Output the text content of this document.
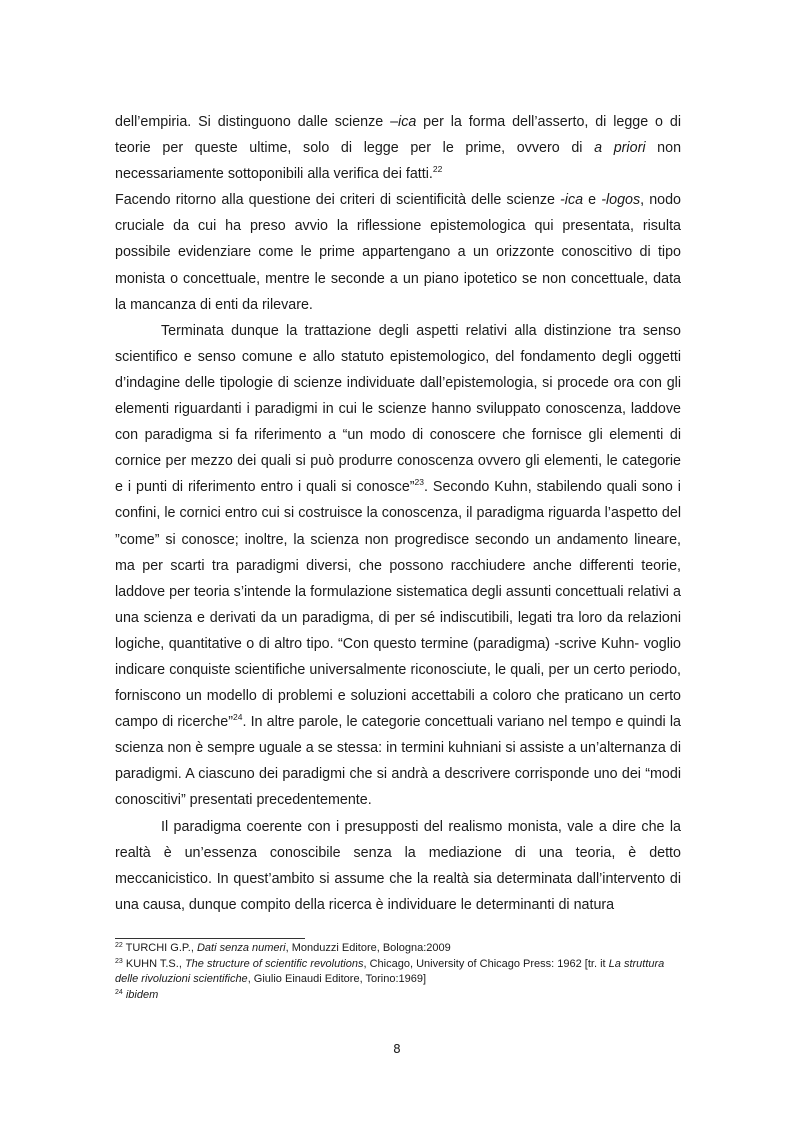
dell’empiria. Si distinguono dalle scienze –ica per la forma dell’asserto, di legge o di teorie per queste ultime, solo di legge per le prime, ovvero di a priori non necessariamente sottoponibili alla verifica dei fatti.$^{22}$

Facendo ritorno alla questione dei criteri di scientificità delle scienze -ica e -logos, nodo cruciale da cui ha preso avvio la riflessione epistemologica qui presentata, risulta possibile evidenziare come le prime appartengano a un orizzonte conoscitivo di tipo monista o concettuale, mentre le seconde a un piano ipotetico se non concettuale, data la mancanza di enti da rilevare.

Terminata dunque la trattazione degli aspetti relativi alla distinzione tra senso scientifico e senso comune e allo statuto epistemologico, del fondamento degli oggetti d’indagine delle tipologie di scienze individuate dall’epistemologia, si procede ora con gli elementi riguardanti i paradigmi in cui le scienze hanno sviluppato conoscenza, laddove con paradigma si fa riferimento a “un modo di conoscere che fornisce gli elementi di cornice per mezzo dei quali si può produrre conoscenza ovvero gli elementi, le categorie e i punti di riferimento entro i quali si conosce”$^{23}$. Secondo Kuhn, stabilendo quali sono i confini, le cornici entro cui si costruisce la conoscenza, il paradigma riguarda l’aspetto del ”come” si conosce; inoltre, la scienza non progredisce secondo un andamento lineare, ma per scarti tra paradigmi diversi, che possono racchiudere anche differenti teorie, laddove per teoria s’intende la formulazione sistematica degli assunti concettuali relativi a una scienza e derivati da un paradigma, di per sé indiscutibili, legati tra loro da relazioni logiche, quantitative o di altro tipo. “Con questo termine (paradigma) -scrive Kuhn- voglio indicare conquiste scientifiche universalmente riconosciute, le quali, per un certo periodo, forniscono un modello di problemi e soluzioni accettabili a coloro che praticano un certo campo di ricerche”$^{24}$. In altre parole, le categorie concettuali variano nel tempo e quindi la scienza non è sempre uguale a se stessa: in termini kuhniani si assiste a un’alternanza di paradigmi. A ciascuno dei paradigmi che si andrà a descrivere corrisponde uno dei “modi conoscitivi” presentati precedentemente.

Il paradigma coerente con i presupposti del realismo monista, vale a dire che la realtà è un’essenza conoscibile senza la mediazione di una teoria, è detto meccanicistico. In quest’ambito si assume che la realtà sia determinata dall’intervento di una causa, dunque compito della ricerca è individuare le determinanti di natura

$^{22}$ TURCHI G.P., Dati senza numeri, Monduzzi Editore, Bologna:2009

$^{23}$ KUHN T.S., The structure of scientific revolutions, Chicago, University of Chicago Press: 1962 [tr. it La struttura delle rivoluzioni scientifiche, Giulio Einaudi Editore, Torino:1969]

$^{24}$ ibidem

8
